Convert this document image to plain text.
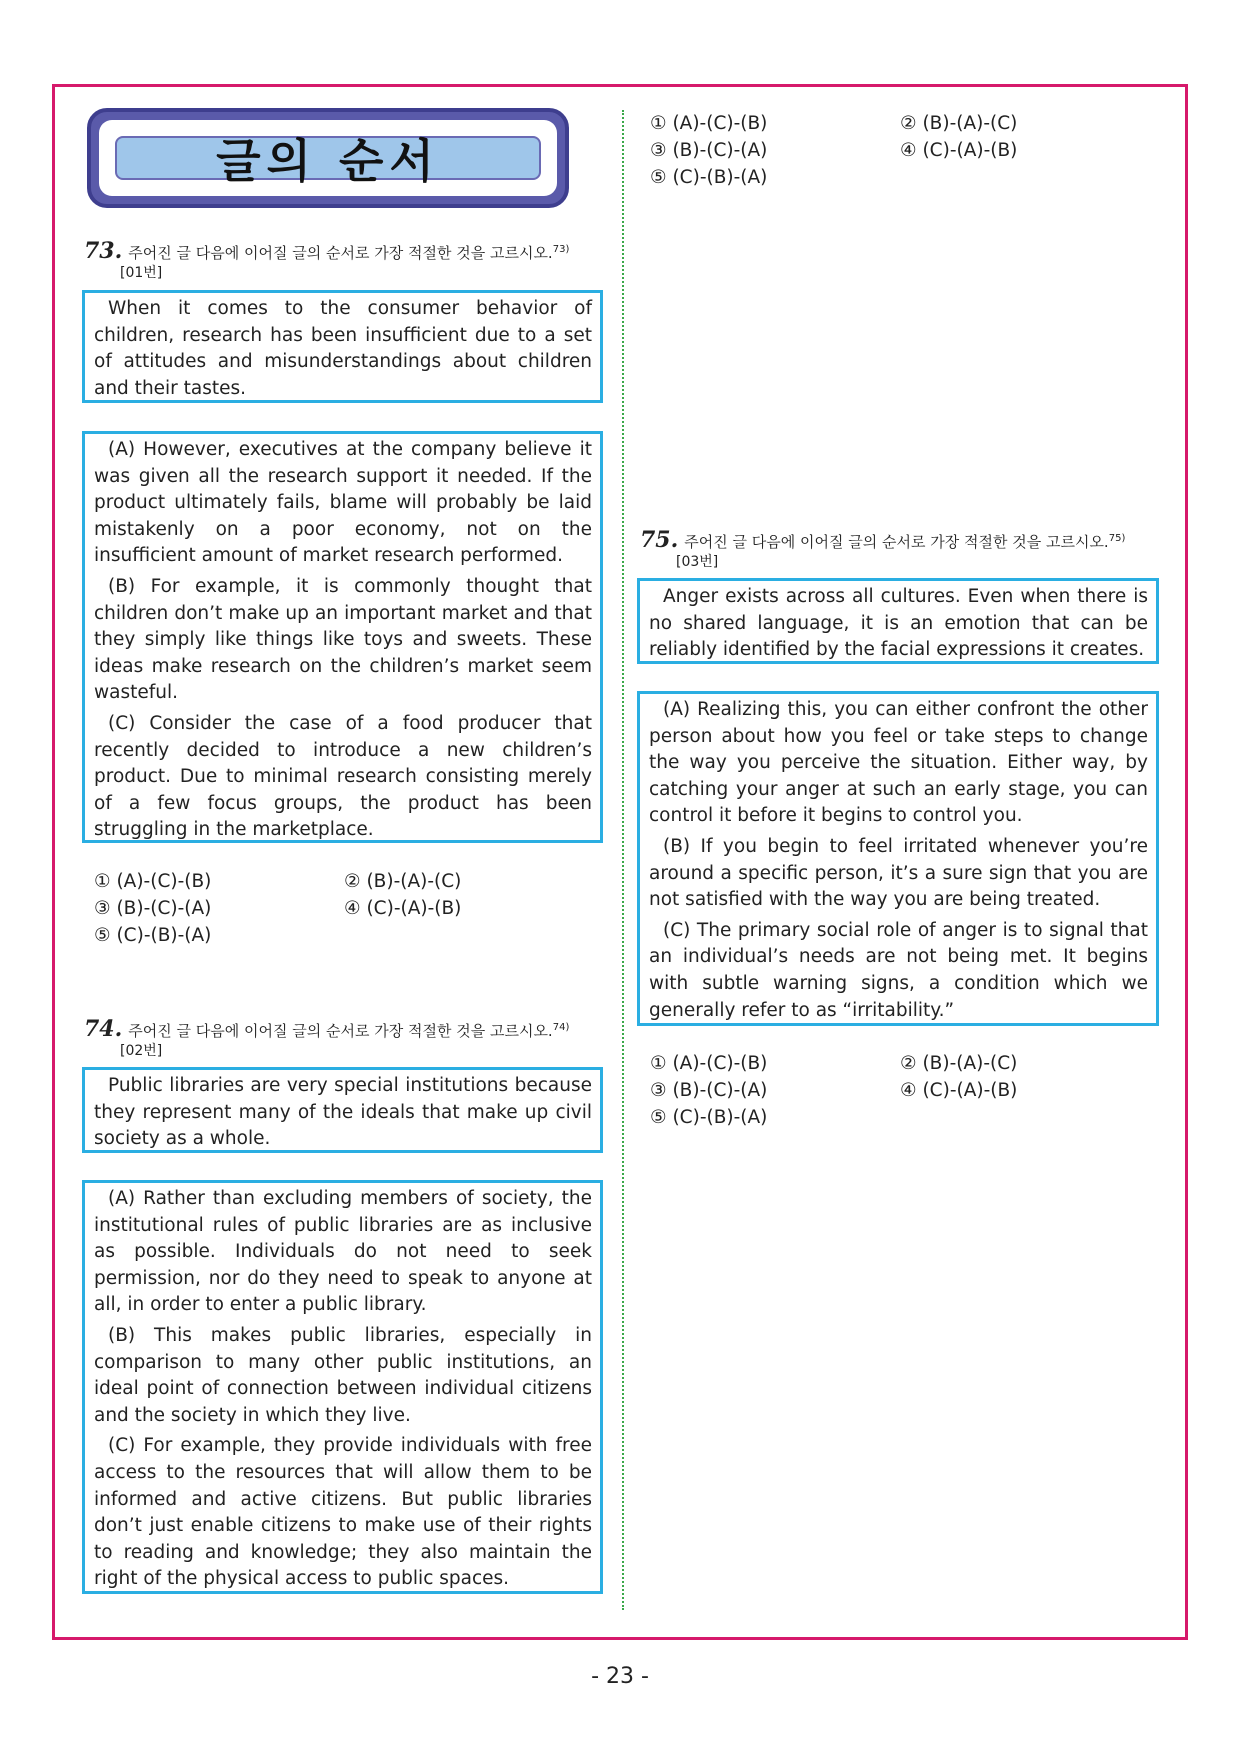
글의 순서
73. 주어진 글 다음에 이어질 글의 순서로 가장 적절한 것을 고르시오.$^{73)}$
[01번]

When it comes to the consumer behavior of children, research has been insufficient due to a set of attitudes and misunderstandings about children and their tastes.

(A) However, executives at the company believe it was given all the research support it needed. If the product ultimately fails, blame will probably be laid mistakenly on a poor economy, not on the insufficient amount of market research performed.

(B) For example, it is commonly thought that children don’t make up an important market and that they simply like things like toys and sweets. These ideas make research on the children’s market seem wasteful.

(C) Consider the case of a food producer that recently decided to introduce a new children’s product. Due to minimal research consisting merely of a few focus groups, the product has been struggling in the marketplace.

① (A)-(C)-(B)	② (B)-(A)-(C)
③ (B)-(C)-(A)	④ (C)-(A)-(B)
⑤ (C)-(B)-(A)
74. 주어진 글 다음에 이어질 글의 순서로 가장 적절한 것을 고르시오.$^{74)}$
[02번]

Public libraries are very special institutions because they represent many of the ideals that make up civil society as a whole.

(A) Rather than excluding members of society, the institutional rules of public libraries are as inclusive as possible. Individuals do not need to seek permission, nor do they need to speak to anyone at all, in order to enter a public library.

(B) This makes public libraries, especially in comparison to many other public institutions, an ideal point of connection between individual citizens and the society in which they live.

(C) For example, they provide individuals with free access to the resources that will allow them to be informed and active citizens. But public libraries don’t just enable citizens to make use of their rights to reading and knowledge; they also maintain the right of the physical access to public spaces.

① (A)-(C)-(B)	② (B)-(A)-(C)
③ (B)-(C)-(A)	④ (C)-(A)-(B)
⑤ (C)-(B)-(A)
75. 주어진 글 다음에 이어질 글의 순서로 가장 적절한 것을 고르시오.$^{75)}$
[03번]

Anger exists across all cultures. Even when there is no shared language, it is an emotion that can be reliably identified by the facial expressions it creates.

(A) Realizing this, you can either confront the other person about how you feel or take steps to change the way you perceive the situation. Either way, by catching your anger at such an early stage, you can control it before it begins to control you.

(B) If you begin to feel irritated whenever you’re around a specific person, it’s a sure sign that you are not satisfied with the way you are being treated.

(C) The primary social role of anger is to signal that an individual’s needs are not being met. It begins with subtle warning signs, a condition which we generally refer to as “irritability.”

① (A)-(C)-(B)	② (B)-(A)-(C)
③ (B)-(C)-(A)	④ (C)-(A)-(B)
⑤ (C)-(B)-(A)
- 23 -
